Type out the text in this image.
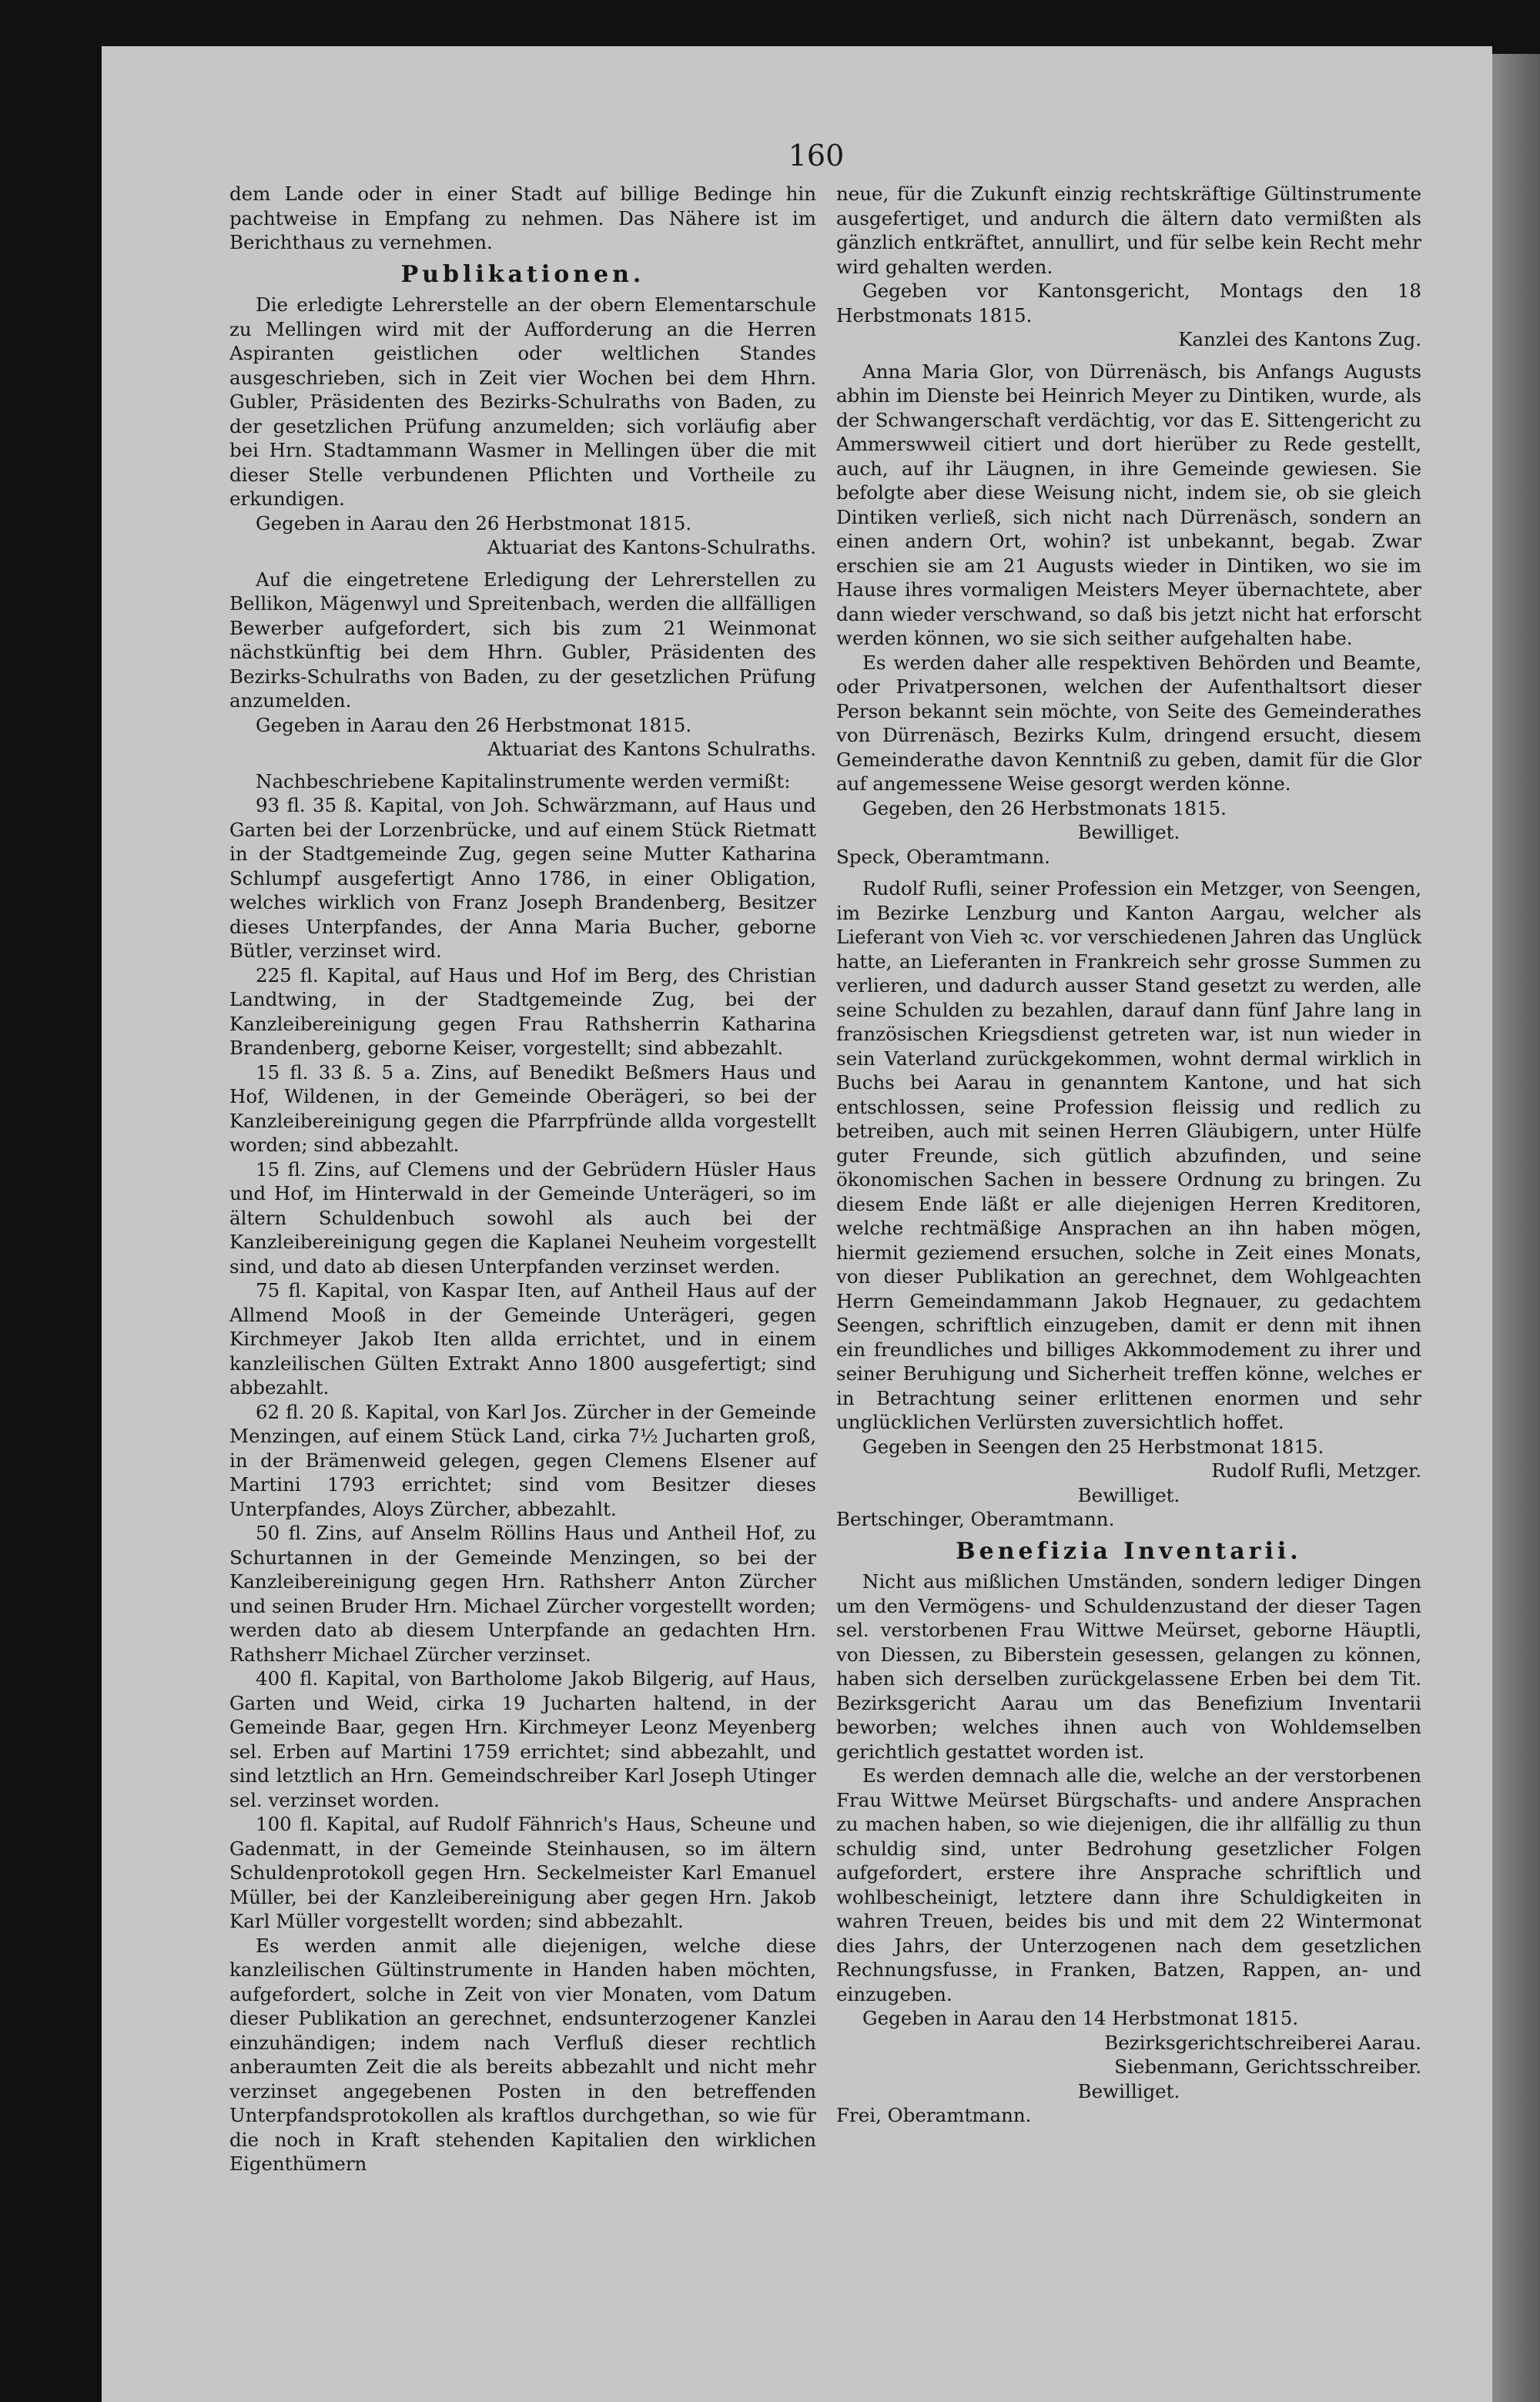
160

dem Lande oder in einer Stadt auf billige Bedinge hin pachtweise in Empfang zu nehmen. Das Nähere ist im Berichthaus zu vernehmen.

Publikationen.

Die erledigte Lehrerstelle an der obern Elementarschule zu Mellingen wird mit der Aufforderung an die Herren Aspiranten geistlichen oder weltlichen Standes ausgeschrieben, sich in Zeit vier Wochen bei dem Hhrn. Gubler, Präsidenten des Bezirks-Schulraths von Baden, zu der gesetzlichen Prüfung anzumelden; sich vorläufig aber bei Hrn. Stadtammann Wasmer in Mellingen über die mit dieser Stelle verbundenen Pflichten und Vortheile zu erkundigen.

Gegeben in Aarau den 26 Herbstmonat 1815.

Aktuariat des Kantons-Schulraths.

Auf die eingetretene Erledigung der Lehrerstellen zu Bellikon, Mägenwyl und Spreitenbach, werden die allfälligen Bewerber aufgefordert, sich bis zum 21 Weinmonat nächstkünftig bei dem Hhrn. Gubler, Präsidenten des Bezirks-Schulraths von Baden, zu der gesetzlichen Prüfung anzumelden.

Gegeben in Aarau den 26 Herbstmonat 1815.

Aktuariat des Kantons Schulraths.

Nachbeschriebene Kapitalinstrumente werden vermißt:

93 fl. 35 ß. Kapital, von Joh. Schwärzmann, auf Haus und Garten bei der Lorzenbrücke, und auf einem Stück Rietmatt in der Stadtgemeinde Zug, gegen seine Mutter Katharina Schlumpf ausgefertigt Anno 1786, in einer Obligation, welches wirklich von Franz Joseph Brandenberg, Besitzer dieses Unterpfandes, der Anna Maria Bucher, geborne Bütler, verzinset wird.

225 fl. Kapital, auf Haus und Hof im Berg, des Christian Landtwing, in der Stadtgemeinde Zug, bei der Kanzleibereinigung gegen Frau Rathsherrin Katharina Brandenberg, geborne Keiser, vorgestellt; sind abbezahlt.

15 fl. 33 ß. 5 a. Zins, auf Benedikt Beßmers Haus und Hof, Wildenen, in der Gemeinde Oberägeri, so bei der Kanzleibereinigung gegen die Pfarrpfründe allda vorgestellt worden; sind abbezahlt.

15 fl. Zins, auf Clemens und der Gebrüdern Hüsler Haus und Hof, im Hinterwald in der Gemeinde Unterägeri, so im ältern Schuldenbuch sowohl als auch bei der Kanzleibereinigung gegen die Kaplanei Neuheim vorgestellt sind, und dato ab diesen Unterpfanden verzinset werden.

75 fl. Kapital, von Kaspar Iten, auf Antheil Haus auf der Allmend Mooß in der Gemeinde Unterägeri, gegen Kirchmeyer Jakob Iten allda errichtet, und in einem kanzleilischen Gülten Extrakt Anno 1800 ausgefertigt; sind abbezahlt.

62 fl. 20 ß. Kapital, von Karl Jos. Zürcher in der Gemeinde Menzingen, auf einem Stück Land, cirka 7½ Jucharten groß, in der Brämenweid gelegen, gegen Clemens Elsener auf Martini 1793 errichtet; sind vom Besitzer dieses Unterpfandes, Aloys Zürcher, abbezahlt.

50 fl. Zins, auf Anselm Röllins Haus und Antheil Hof, zu Schurtannen in der Gemeinde Menzingen, so bei der Kanzleibereinigung gegen Hrn. Rathsherr Anton Zürcher und seinen Bruder Hrn. Michael Zürcher vorgestellt worden; werden dato ab diesem Unterpfande an gedachten Hrn. Rathsherr Michael Zürcher verzinset.

400 fl. Kapital, von Bartholome Jakob Bilgerig, auf Haus, Garten und Weid, cirka 19 Jucharten haltend, in der Gemeinde Baar, gegen Hrn. Kirchmeyer Leonz Meyenberg sel. Erben auf Martini 1759 errichtet; sind abbezahlt, und sind letztlich an Hrn. Gemeindschreiber Karl Joseph Utinger sel. verzinset worden.

100 fl. Kapital, auf Rudolf Fähnrich's Haus, Scheune und Gadenmatt, in der Gemeinde Steinhausen, so im ältern Schuldenprotokoll gegen Hrn. Seckelmeister Karl Emanuel Müller, bei der Kanzleibereinigung aber gegen Hrn. Jakob Karl Müller vorgestellt worden; sind abbezahlt.

Es werden anmit alle diejenigen, welche diese kanzleilischen Gültinstrumente in Handen haben möchten, aufgefordert, solche in Zeit von vier Monaten, vom Datum dieser Publikation an gerechnet, endsunterzogener Kanzlei einzuhändigen; indem nach Verfluß dieser rechtlich anberaumten Zeit die als bereits abbezahlt und nicht mehr verzinset angegebenen Posten in den betreffenden Unterpfandsprotokollen als kraftlos durchgethan, so wie für die noch in Kraft stehenden Kapitalien den wirklichen Eigenthümern

neue, für die Zukunft einzig rechtskräftige Gültinstrumente ausgefertiget, und andurch die ältern dato vermißten als gänzlich entkräftet, annullirt, und für selbe kein Recht mehr wird gehalten werden.

Gegeben vor Kantonsgericht, Montags den 18 Herbstmonats 1815.

Kanzlei des Kantons Zug.

Anna Maria Glor, von Dürrenäsch, bis Anfangs Augusts abhin im Dienste bei Heinrich Meyer zu Dintiken, wurde, als der Schwangerschaft verdächtig, vor das E. Sittengericht zu Ammerswweil citiert und dort hierüber zu Rede gestellt, auch, auf ihr Läugnen, in ihre Gemeinde gewiesen. Sie befolgte aber diese Weisung nicht, indem sie, ob sie gleich Dintiken verließ, sich nicht nach Dürrenäsch, sondern an einen andern Ort, wohin? ist unbekannt, begab. Zwar erschien sie am 21 Augusts wieder in Dintiken, wo sie im Hause ihres vormaligen Meisters Meyer übernachtete, aber dann wieder verschwand, so daß bis jetzt nicht hat erforscht werden können, wo sie sich seither aufgehalten habe.

Es werden daher alle respektiven Behörden und Beamte, oder Privatpersonen, welchen der Aufenthaltsort dieser Person bekannt sein möchte, von Seite des Gemeinderathes von Dürrenäsch, Bezirks Kulm, dringend ersucht, diesem Gemeinderathe davon Kenntniß zu geben, damit für die Glor auf angemessene Weise gesorgt werden könne.

Gegeben, den 26 Herbstmonats 1815.

Bewilliget.

Speck, Oberamtmann.

Rudolf Rufli, seiner Profession ein Metzger, von Seengen, im Bezirke Lenzburg und Kanton Aargau, welcher als Lieferant von Vieh ꝛc. vor verschiedenen Jahren das Unglück hatte, an Lieferanten in Frankreich sehr grosse Summen zu verlieren, und dadurch ausser Stand gesetzt zu werden, alle seine Schulden zu bezahlen, darauf dann fünf Jahre lang in französischen Kriegsdienst getreten war, ist nun wieder in sein Vaterland zurückgekommen, wohnt dermal wirklich in Buchs bei Aarau in genanntem Kantone, und hat sich entschlossen, seine Profession fleissig und redlich zu betreiben, auch mit seinen Herren Gläubigern, unter Hülfe guter Freunde, sich gütlich abzufinden, und seine ökonomischen Sachen in bessere Ordnung zu bringen. Zu diesem Ende läßt er alle diejenigen Herren Kreditoren, welche rechtmäßige Ansprachen an ihn haben mögen, hiermit geziemend ersuchen, solche in Zeit eines Monats, von dieser Publikation an gerechnet, dem Wohlgeachten Herrn Gemeindammann Jakob Hegnauer, zu gedachtem Seengen, schriftlich einzugeben, damit er denn mit ihnen ein freundliches und billiges Akkommodement zu ihrer und seiner Beruhigung und Sicherheit treffen könne, welches er in Betrachtung seiner erlittenen enormen und sehr unglücklichen Verlürsten zuversichtlich hoffet.

Gegeben in Seengen den 25 Herbstmonat 1815.

Rudolf Rufli, Metzger.
Bewilliget.

Bertschinger, Oberamtmann.

Benefizia Inventarii.

Nicht aus mißlichen Umständen, sondern lediger Dingen um den Vermögens- und Schuldenzustand der dieser Tagen sel. verstorbenen Frau Wittwe Meürset, geborne Häuptli, von Diessen, zu Biberstein gesessen, gelangen zu können, haben sich derselben zurückgelassene Erben bei dem Tit. Bezirksgericht Aarau um das Benefizium Inventarii beworben; welches ihnen auch von Wohldemselben gerichtlich gestattet worden ist.

Es werden demnach alle die, welche an der verstorbenen Frau Wittwe Meürset Bürgschafts- und andere Ansprachen zu machen haben, so wie diejenigen, die ihr allfällig zu thun schuldig sind, unter Bedrohung gesetzlicher Folgen aufgefordert, erstere ihre Ansprache schriftlich und wohlbescheinigt, letztere dann ihre Schuldigkeiten in wahren Treuen, beides bis und mit dem 22 Wintermonat dies Jahrs, der Unterzogenen nach dem gesetzlichen Rechnungsfusse, in Franken, Batzen, Rappen, an- und einzugeben.

Gegeben in Aarau den 14 Herbstmonat 1815.

Bezirksgerichtschreiberei Aarau.
Siebenmann, Gerichtsschreiber.
Bewilliget.

Frei, Oberamtmann.
